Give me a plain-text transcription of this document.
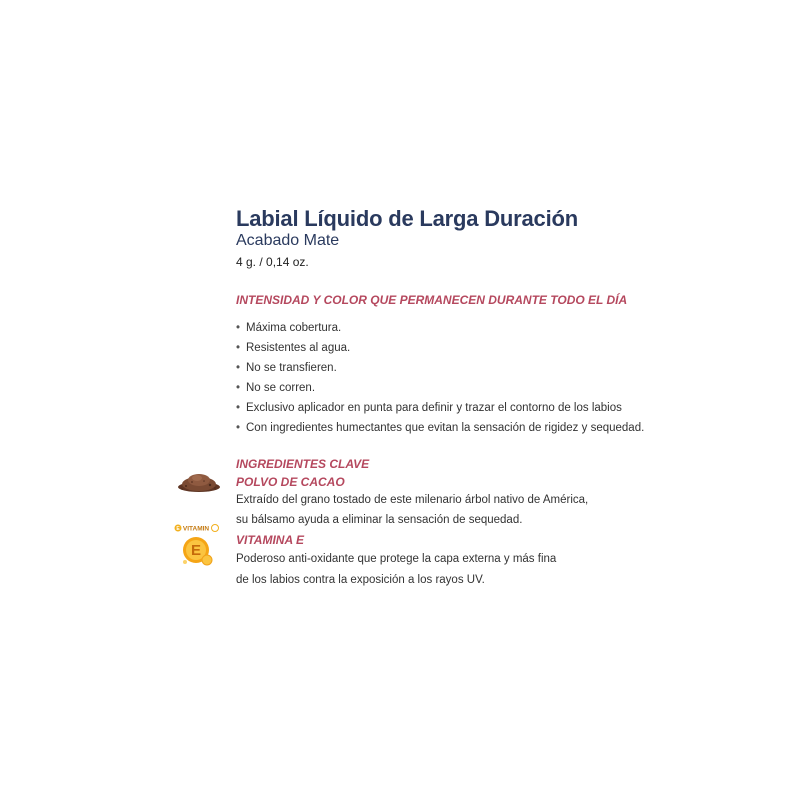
Labial Líquido de Larga Duración
Acabado Mate
4 g. / 0,14 oz.
INTENSIDAD Y COLOR QUE PERMANECEN DURANTE TODO EL DÍA
• Máxima cobertura.
• Resistentes al agua.
• No se transfieren.
• No se corren.
• Exclusivo aplicador en punta para definir y trazar el contorno de los labios
• Con ingredientes humectantes que evitan la sensación de rigidez y sequedad.
INGREDIENTES CLAVE
POLVO DE CACAO
Extraído del grano tostado de este milenario árbol nativo de América,
su bálsamo ayuda a eliminar la sensación de sequedad.
E VITAMIN
E
VITAMINA E
Poderoso anti-oxidante que protege la capa externa y más fina
de los labios contra la exposición a los rayos UV.
